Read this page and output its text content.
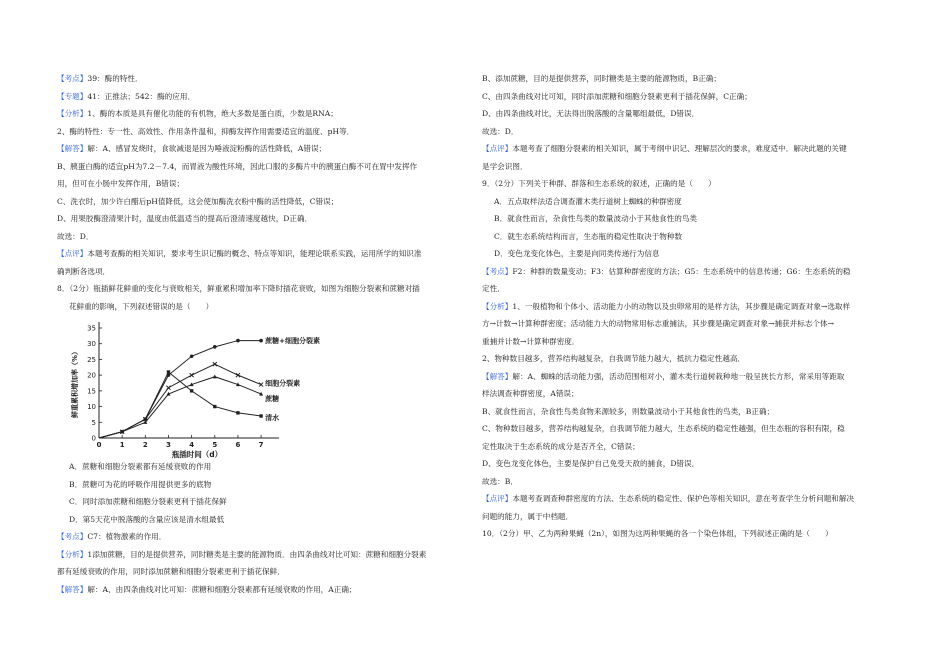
【考点】39：酶的特性．
【专题】41：正推法；542：酶的应用．
【分析】1、酶的本质是具有催化功能的有机物，绝大多数是蛋白质，少数是RNA；
2、酶的特性：专一性、高效性、作用条件温和，抑酶发挥作用需要适宜的温度、pH等．
【解答】解：A、感冒发烧时，食欲减退是因为唾液淀粉酶的活性降低，A错误；
B、胰蛋白酶的适宜pH为7.2－7.4，而胃液为酸性环境，因此口服的多酶片中的胰蛋白酶不可在胃中发挥作
用，但可在小肠中发挥作用，B错误；
C、洗衣时，加少许白醋后pH值降低，这会使加酶洗衣粉中酶的活性降低，C错误；
D、用果胶酶澄清果汁时，温度由低温适当的提高后澄清速度越快，D正确．
故选：D．
【点评】本题考查酶的相关知识，要求考生识记酶的概念、特点等知识，能理论联系实践，运用所学的知识准
确判断各选项．
8．（2分）瓶插鲜花鲜重的变化与衰败相关，鲜重累积增加率下降时插花衰败，如图为细胞分裂素和蔗糖对插
花鲜重的影响，下列叙述错误的是（　　）
0
5
10
15
20
25
30
35
0	1	2	3	4	5	6	7
瓶插时间（d）
鲜重累积增加率（%）
蔗糖+细胞分裂素
细胞分裂素
蔗糖
清水
A．蔗糖和细胞分裂素都有延缓衰败的作用
B．蔗糖可为花的呼吸作用提供更多的底物
C．同时添加蔗糖和细胞分裂素更利于插花保鲜
D．第5天花中脱落酸的含量应该是清水组最低
【考点】C7：植物激素的作用．
【分析】1添加蔗糖，目的是提供营养，同时糖类是主要的能源物质．由四条曲线对比可知：蔗糖和细胞分裂素
都有延缓衰败的作用，同时添加蔗糖和细胞分裂素更利于插花保鲜．
【解答】解：A、由四条曲线对比可知：蔗糖和细胞分裂素都有延缓衰败的作用，A正确；
B、添加蔗糖，目的是提供营养，同时糖类是主要的能源物质，B正确；
C、由四条曲线对比可知，同时添加蔗糖和细胞分裂素更利于插花保鲜，C正确；
D、由四条曲线对比，无法得出脱落酸的含量哪组最低，D错误．
故选：D．
【点评】本题考查了细胞分裂素的相关知识，属于考纲中识记、理解层次的要求，难度适中．解决此题的关键
是学会识图．
9．（2分）下列关于种群、群落和生态系统的叙述，正确的是（　　）
A．五点取样法适合调查灌木类行道树上蜘蛛的种群密度
B．就食性而言，杂食性鸟类的数量波动小于其他食性的鸟类
C．就生态系统结构而言，生态瓶的稳定性取决于物种数
D．变色龙变化体色，主要是向同类传递行为信息
【考点】F2：种群的数量变动；F3：估算种群密度的方法；G5：生态系统中的信息传递；G6：生态系统的稳
定性．
【分析】1、一般植物和个体小、活动能力小的动物以及虫卵常用的是样方法，其步骤是确定调查对象→选取样
方→计数→计算种群密度；活动能力大的动物常用标志重捕法，其步骤是确定调查对象→捕获并标志个体→
重捕并计数→计算种群密度．
2、物种数目越多，营养结构越复杂，自我调节能力越大，抵抗力稳定性越高．
【解答】解：A、蜘蛛的活动能力强，活动范围相对小，灌木类行道树栽种地一般呈狭长方形，常采用等距取
样法调查种群密度，A错误；
B、就食性而言，杂食性鸟类食物来源较多，则数量波动小于其他食性的鸟类，B正确；
C、物种数目越多，营养结构越复杂，自我调节能力越大，生态系统的稳定性越强，但生态瓶的容积有限，稳
定性取决于生态系统的成分是否齐全，C错误；
D、变色龙变化体色，主要是保护自己免受天敌的捕食，D错误．
故选：B．
【点评】本题考查调查种群密度的方法、生态系统的稳定性、保护色等相关知识，意在考查学生分析问题和解决
问题的能力，属于中档题．
10．（2分）甲、乙为两种果蝇（2n），如图为这两种果蝇的各一个染色体组，下列叙述正确的是（　　）
